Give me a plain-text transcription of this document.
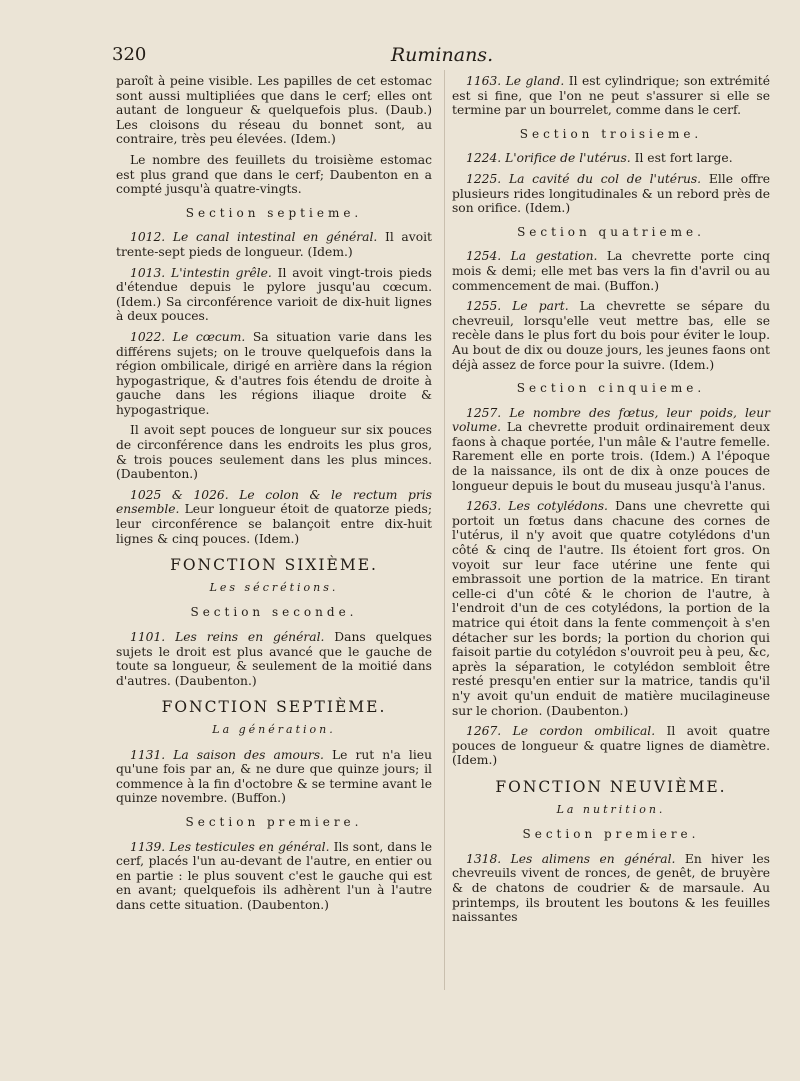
320	Ruminans.

paroît à peine visible. Les papilles de cet estomac sont aussi multipliées que dans le cerf; elles ont autant de longueur & quelquefois plus. (Daub.) Les cloisons du réseau du bonnet sont, au contraire, très peu élevées. (Idem.)

Le nombre des feuillets du troisième estomac est plus grand que dans le cerf; Daubenton en a compté jusqu'à quatre-vingts.

Section septieme.

1012. Le canal intestinal en général. Il avoit trente-sept pieds de longueur. (Idem.)

1013. L'intestin grêle. Il avoit vingt-trois pieds d'étendue depuis le pylore jusqu'au cœcum. (Idem.) Sa circonférence varioit de dix-huit lignes à deux pouces.

1022. Le cœcum. Sa situation varie dans les différens sujets; on le trouve quelquefois dans la région ombilicale, dirigé en arrière dans la région hypogastrique, & d'autres fois étendu de droite à gauche dans les régions iliaque droite & hypogastrique.

Il avoit sept pouces de longueur sur six pouces de circonférence dans les endroits les plus gros, & trois pouces seulement dans les plus minces. (Daubenton.)

1025 & 1026. Le colon & le rectum pris ensemble. Leur longueur étoit de quatorze pieds; leur circonférence se balançoit entre dix-huit lignes & cinq pouces. (Idem.)

FONCTION SIXIÈME.
Les sécrétions.
Section seconde.

1101. Les reins en général. Dans quelques sujets le droit est plus avancé que le gauche de toute sa longueur, & seulement de la moitié dans d'autres. (Daubenton.)

FONCTION SEPTIÈME.
La génération.

1131. La saison des amours. Le rut n'a lieu qu'une fois par an, & ne dure que quinze jours; il commence à la fin d'octobre & se termine avant le quinze novembre. (Buffon.)

Section premiere.

1139. Les testicules en général. Ils sont, dans le cerf, placés l'un au-devant de l'autre, en entier ou en partie : le plus souvent c'est le gauche qui est en avant; quelquefois ils adhèrent l'un à l'autre dans cette situation. (Daubenton.)

1163. Le gland. Il est cylindrique; son extrémité est si fine, que l'on ne peut s'assurer si elle se termine par un bourrelet, comme dans le cerf.

Section troisieme.

1224. L'orifice de l'utérus. Il est fort large.

1225. La cavité du col de l'utérus. Elle offre plusieurs rides longitudinales & un rebord près de son orifice. (Idem.)

Section quatrieme.

1254. La gestation. La chevrette porte cinq mois & demi; elle met bas vers la fin d'avril ou au commencement de mai. (Buffon.)

1255. Le part. La chevrette se sépare du chevreuil, lorsqu'elle veut mettre bas, elle se recèle dans le plus fort du bois pour éviter le loup. Au bout de dix ou douze jours, les jeunes faons ont déjà assez de force pour la suivre. (Idem.)

Section cinquieme.

1257. Le nombre des fœtus, leur poids, leur volume. La chevrette produit ordinairement deux faons à chaque portée, l'un mâle & l'autre femelle. Rarement elle en porte trois. (Idem.) A l'époque de la naissance, ils ont de dix à onze pouces de longueur depuis le bout du museau jusqu'à l'anus.

1263. Les cotylédons. Dans une chevrette qui portoit un fœtus dans chacune des cornes de l'utérus, il n'y avoit que quatre cotylédons d'un côté & cinq de l'autre. Ils étoient fort gros. On voyoit sur leur face utérine une fente qui embrassoit une portion de la matrice. En tirant celle-ci d'un côté & le chorion de l'autre, à l'endroit d'un de ces cotylédons, la portion de la matrice qui étoit dans la fente commençoit à s'en détacher sur les bords; la portion du chorion qui faisoit partie du cotylédon s'ouvroit peu à peu, &c, après la séparation, le cotylédon sembloit être resté presqu'en entier sur la matrice, tandis qu'il n'y avoit qu'un enduit de matière mucilagineuse sur le chorion. (Daubenton.)

1267. Le cordon ombilical. Il avoit quatre pouces de longueur & quatre lignes de diamètre. (Idem.)

FONCTION NEUVIÈME.
La nutrition.
Section premiere.

1318. Les alimens en général. En hiver les chevreuils vivent de ronces, de genêt, de bruyère & de chatons de coudrier & de marsaule. Au printemps, ils broutent les boutons & les feuilles naissantes
